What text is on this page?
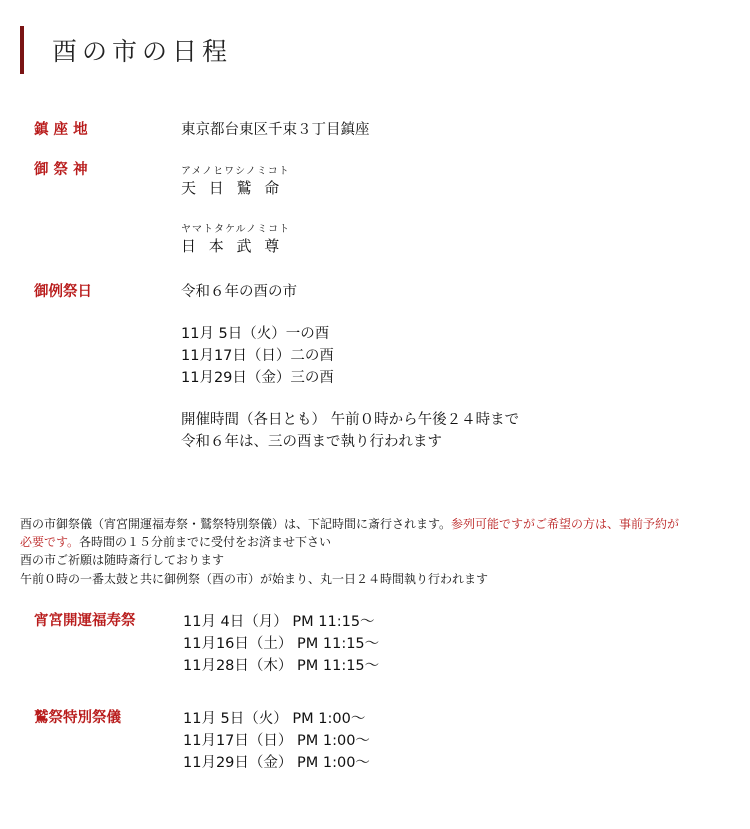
酉の市の日程
鎮 座 地	東京都台東区千束３丁目鎮座
御 祭 神	アメノヒワシノミコト
天 日 鷲 命
ヤマトタケルノミコト
日 本 武 尊
御例祭日	令和６年の酉の市
11月 5日（火）一の酉
11月17日（日）二の酉
11月29日（金）三の酉
開催時間（各日とも） 午前０時から午後２４時まで
令和６年は、三の酉まで執り行われます
酉の市御祭儀（宵宮開運福寿祭・鷲祭特別祭儀）は、下記時間に斎行されます。参列可能ですがご希望の方は、事前予約が
必要です。各時間の１５分前までに受付をお済ませ下さい
酉の市ご祈願は随時斎行しております
午前０時の一番太鼓と共に御例祭（酉の市）が始まり、丸一日２４時間執り行われます
宵宮開運福寿祭	11月 4日（月） PM 11:15～
11月16日（土） PM 11:15～
11月28日（木） PM 11:15～
鷲祭特別祭儀	11月 5日（火） PM 1:00～
11月17日（日） PM 1:00～
11月29日（金） PM 1:00～
